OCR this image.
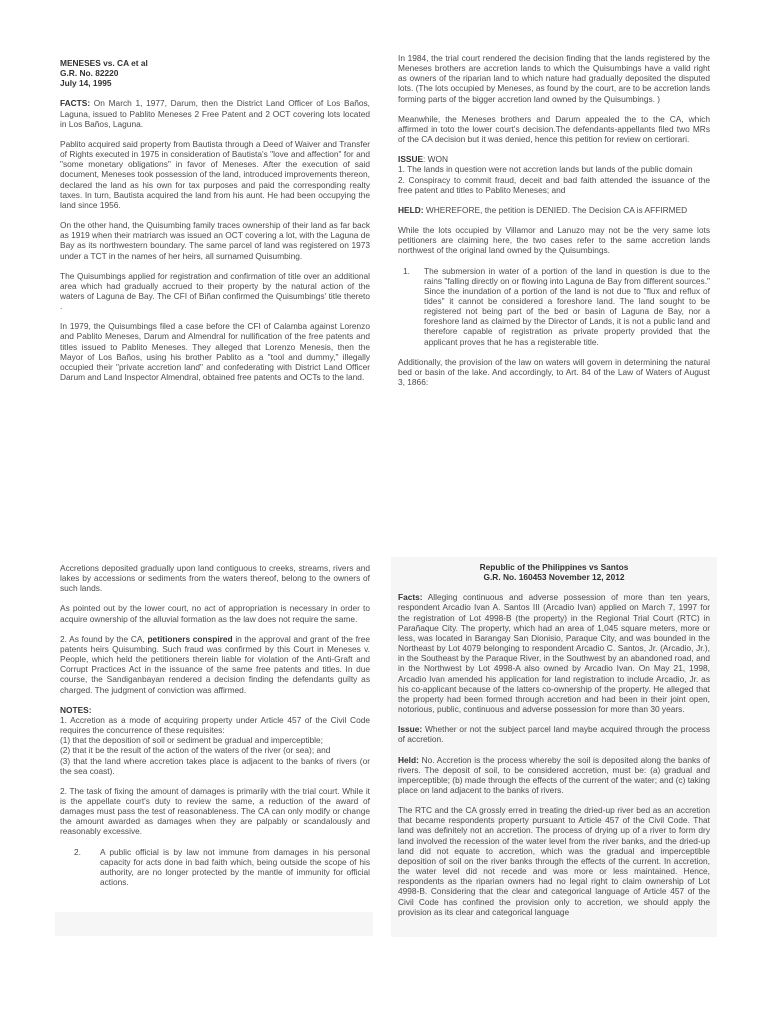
MENESES vs. CA et al
G.R. No. 82220
July 14, 1995

FACTS: On March 1, 1977, Darum, then the District Land Officer of Los Baños, Laguna, issued to Pablito Meneses 2 Free Patent and 2 OCT covering lots located in Los Baños, Laguna.

Pablito acquired said property from Bautista through a Deed of Waiver and Transfer of Rights executed in 1975 in consideration of Bautista's "love and affection" for and "some monetary obligations" in favor of Meneses. After the execution of said document, Meneses took possession of the land, introduced improvements thereon, declared the land as his own for tax purposes and paid the corresponding realty taxes. In turn, Bautista acquired the land from his aunt. He had been occupying the land since 1956.

On the other hand, the Quisumbing family traces ownership of their land as far back as 1919 when their matriarch was issued an OCT covering a lot, with the Laguna de Bay as its northwestern boundary. The same parcel of land was registered on 1973 under a TCT in the names of her heirs, all surnamed Quisumbing.

The Quisumbings applied for registration and confirmation of title over an additional area which had gradually accrued to their property by the natural action of the waters of Laguna de Bay. The CFI of Biñan confirmed the Quisumbings' title thereto .

In 1979, the Quisumbings filed a case before the CFI of Calamba against Lorenzo and Pablito Meneses, Darum and Almendral for nullification of the free patents and titles issued to Pablito Meneses. They alleged that Lorenzo Menesis, then the Mayor of Los Baños, using his brother Pablito as a "tool and dummy," illegally occupied their "private accretion land" and confederating with District Land Officer Darum and Land Inspector Almendral, obtained free patents and OCTs to the land.

In 1984, the trial court rendered the decision finding that the lands registered by the Meneses brothers are accretion lands to which the Quisumbings have a valid right as owners of the riparian land to which nature had gradually deposited the disputed lots. (The lots occupied by Meneses, as found by the court, are to be accretion lands forming parts of the bigger accretion land owned by the Quisumbings. )

Meanwhile, the Meneses brothers and Darum appealed the to the CA, which affirmed in toto the lower court's decision.The defendants-appellants filed two MRs of the CA decision but it was denied, hence this petition for review on certiorari.

ISSUE: WON
1. The lands in question were not accretion lands but lands of the public domain
2. Conspiracy to commit fraud, deceit and bad faith attended the issuance of the free patent and titles to Pablito Meneses; and

HELD: WHEREFORE, the petition is DENIED. The Decision CA is AFFIRMED

While the lots occupied by Villamor and Lanuzo may not be the very same lots petitioners are claiming here, the two cases refer to the same accretion lands northwest of the original land owned by the Quisumbings.

1. The submersion in water of a portion of the land in question is due to the rains "falling directly on or flowing into Laguna de Bay from different sources." Since the inundation of a portion of the land is not due to "flux and reflux of tides" it cannot be considered a foreshore land. The land sought to be registered not being part of the bed or basin of Laguna de Bay, nor a foreshore land as claimed by the Director of Lands, it is not a public land and therefore capable of registration as private property provided that the applicant proves that he has a registerable title.

Additionally, the provision of the law on waters will govern in determining the natural bed or basin of the lake. And accordingly, to Art. 84 of the Law of Waters of August 3, 1866:

Accretions deposited gradually upon land contiguous to creeks, streams, rivers and lakes by accessions or sediments from the waters thereof, belong to the owners of such lands.

As pointed out by the lower court, no act of appropriation is necessary in order to acquire ownership of the alluvial formation as the law does not require the same.

2. As found by the CA, petitioners conspired in the approval and grant of the free patents heirs Quisumbing. Such fraud was confirmed by this Court in Meneses v. People, which held the petitioners therein liable for violation of the Anti-Graft and Corrupt Practices Act in the issuance of the same free patents and titles. In due course, the Sandiganbayan rendered a decision finding the defendants guilty as charged. The judgment of conviction was affirmed.

NOTES:
1. Accretion as a mode of acquiring property under Article 457 of the Civil Code requires the concurrence of these requisites:
(1) that the deposition of soil or sediment be gradual and imperceptible;
(2) that it be the result of the action of the waters of the river (or sea); and
(3) that the land where accretion takes place is adjacent to the banks of rivers (or the sea coast).

2. The task of fixing the amount of damages is primarily with the trial court. While it is the appellate court's duty to review the same, a reduction of the award of damages must pass the test of reasonableness. The CA can only modify or change the amount awarded as damages when they are palpably or scandalously and reasonably excessive.

2. A public official is by law not immune from damages in his personal capacity for acts done in bad faith which, being outside the scope of his authority, are no longer protected by the mantle of immunity for official actions.

Republic of the Philippines vs Santos
G.R. No. 160453 November 12, 2012

Facts: Alleging continuous and adverse possession of more than ten years, respondent Arcadio Ivan A. Santos III (Arcadio Ivan) applied on March 7, 1997 for the registration of Lot 4998-B (the property) in the Regional Trial Court (RTC) in Parañaque City. The property, which had an area of 1,045 square meters, more or less, was located in Barangay San Dionisio, Paraque City, and was bounded in the Northeast by Lot 4079 belonging to respondent Arcadio C. Santos, Jr. (Arcadio, Jr.), in the Southeast by the Paraque River, in the Southwest by an abandoned road, and in the Northwest by Lot 4998-A also owned by Arcadio Ivan. On May 21, 1998, Arcadio Ivan amended his application for land registration to include Arcadio, Jr. as his co-applicant because of the latters co-ownership of the property. He alleged that the property had been formed through accretion and had been in their joint open, notorious, public, continuous and adverse possession for more than 30 years.

Issue: Whether or not the subject parcel land maybe acquired through the process of accretion.

Held: No. Accretion is the process whereby the soil is deposited along the banks of rivers. The deposit of soil, to be considered accretion, must be: (a) gradual and imperceptible; (b) made through the effects of the current of the water; and (c) taking place on land adjacent to the banks of rivers.

The RTC and the CA grossly erred in treating the dried-up river bed as an accretion that became respondents property pursuant to Article 457 of the Civil Code. That land was definitely not an accretion. The process of drying up of a river to form dry land involved the recession of the water level from the river banks, and the dried-up land did not equate to accretion, which was the gradual and imperceptible deposition of soil on the river banks through the effects of the current. In accretion, the water level did not recede and was more or less maintained. Hence, respondents as the riparian owners had no legal right to claim ownership of Lot 4998-B. Considering that the clear and categorical language of Article 457 of the Civil Code has confined the provision only to accretion, we should apply the provision as its clear and categorical language
